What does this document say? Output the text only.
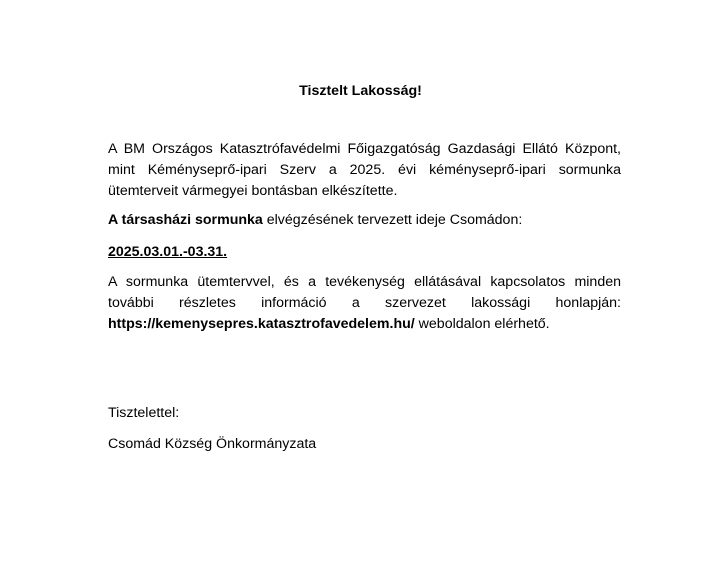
Tisztelt Lakosság!
A BM Országos Katasztrófavédelmi Főigazgatóság Gazdasági Ellátó Központ, mint Kéményseprő-ipari Szerv a 2025. évi kéményseprő-ipari sormunka ütemterveit vármegyei bontásban elkészítette.
A társasházi sormunka elvégzésének tervezett ideje Csomádon:
2025.03.01.-03.31.
A sormunka ütemtervvel, és a tevékenység ellátásával kapcsolatos minden további részletes információ a szervezet lakossági honlapján: https://kemenysepres.katasztrofavedelem.hu/ weboldalon elérhető.
Tisztelettel:
Csomád Község Önkormányzata
